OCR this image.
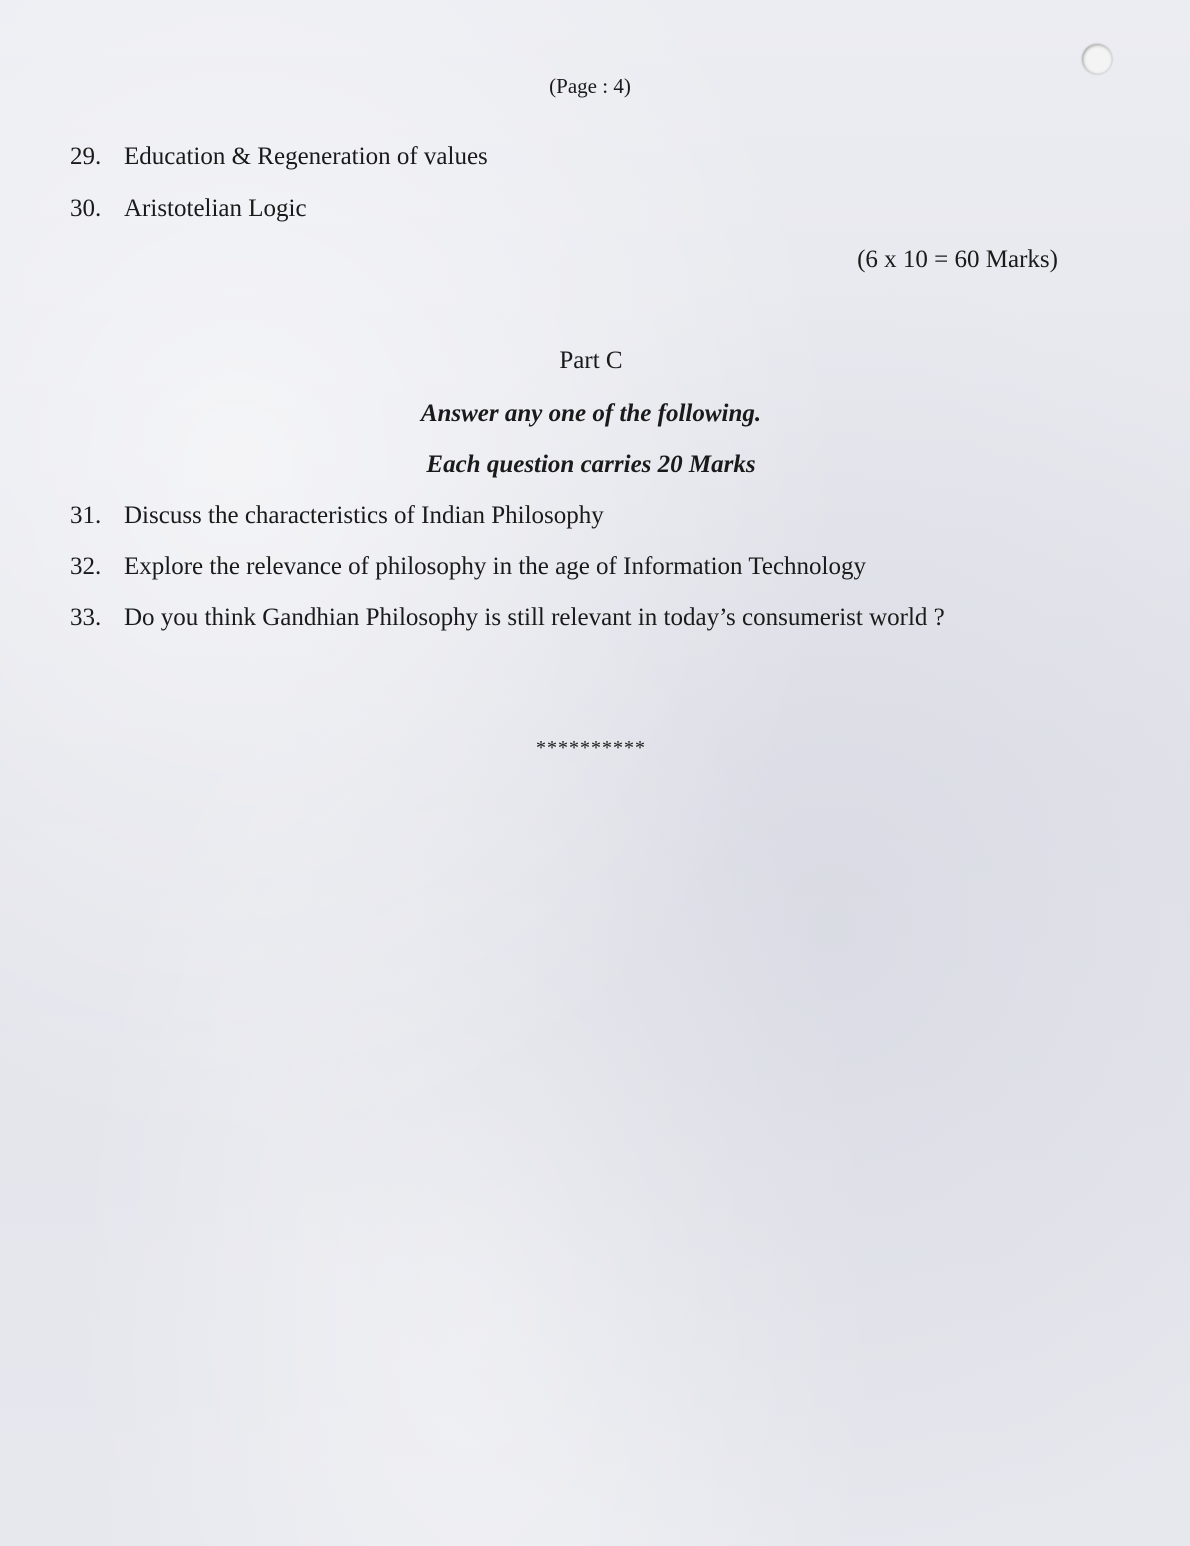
(Page : 4)
29. Education & Regeneration of values
30. Aristotelian Logic
(6 x 10 = 60 Marks)
Part C
Answer any one of the following.
Each question carries 20 Marks
31. Discuss the characteristics of Indian Philosophy
32. Explore the relevance of philosophy in the age of Information Technology
33. Do you think Gandhian Philosophy is still relevant in today’s consumerist world ?
**********
